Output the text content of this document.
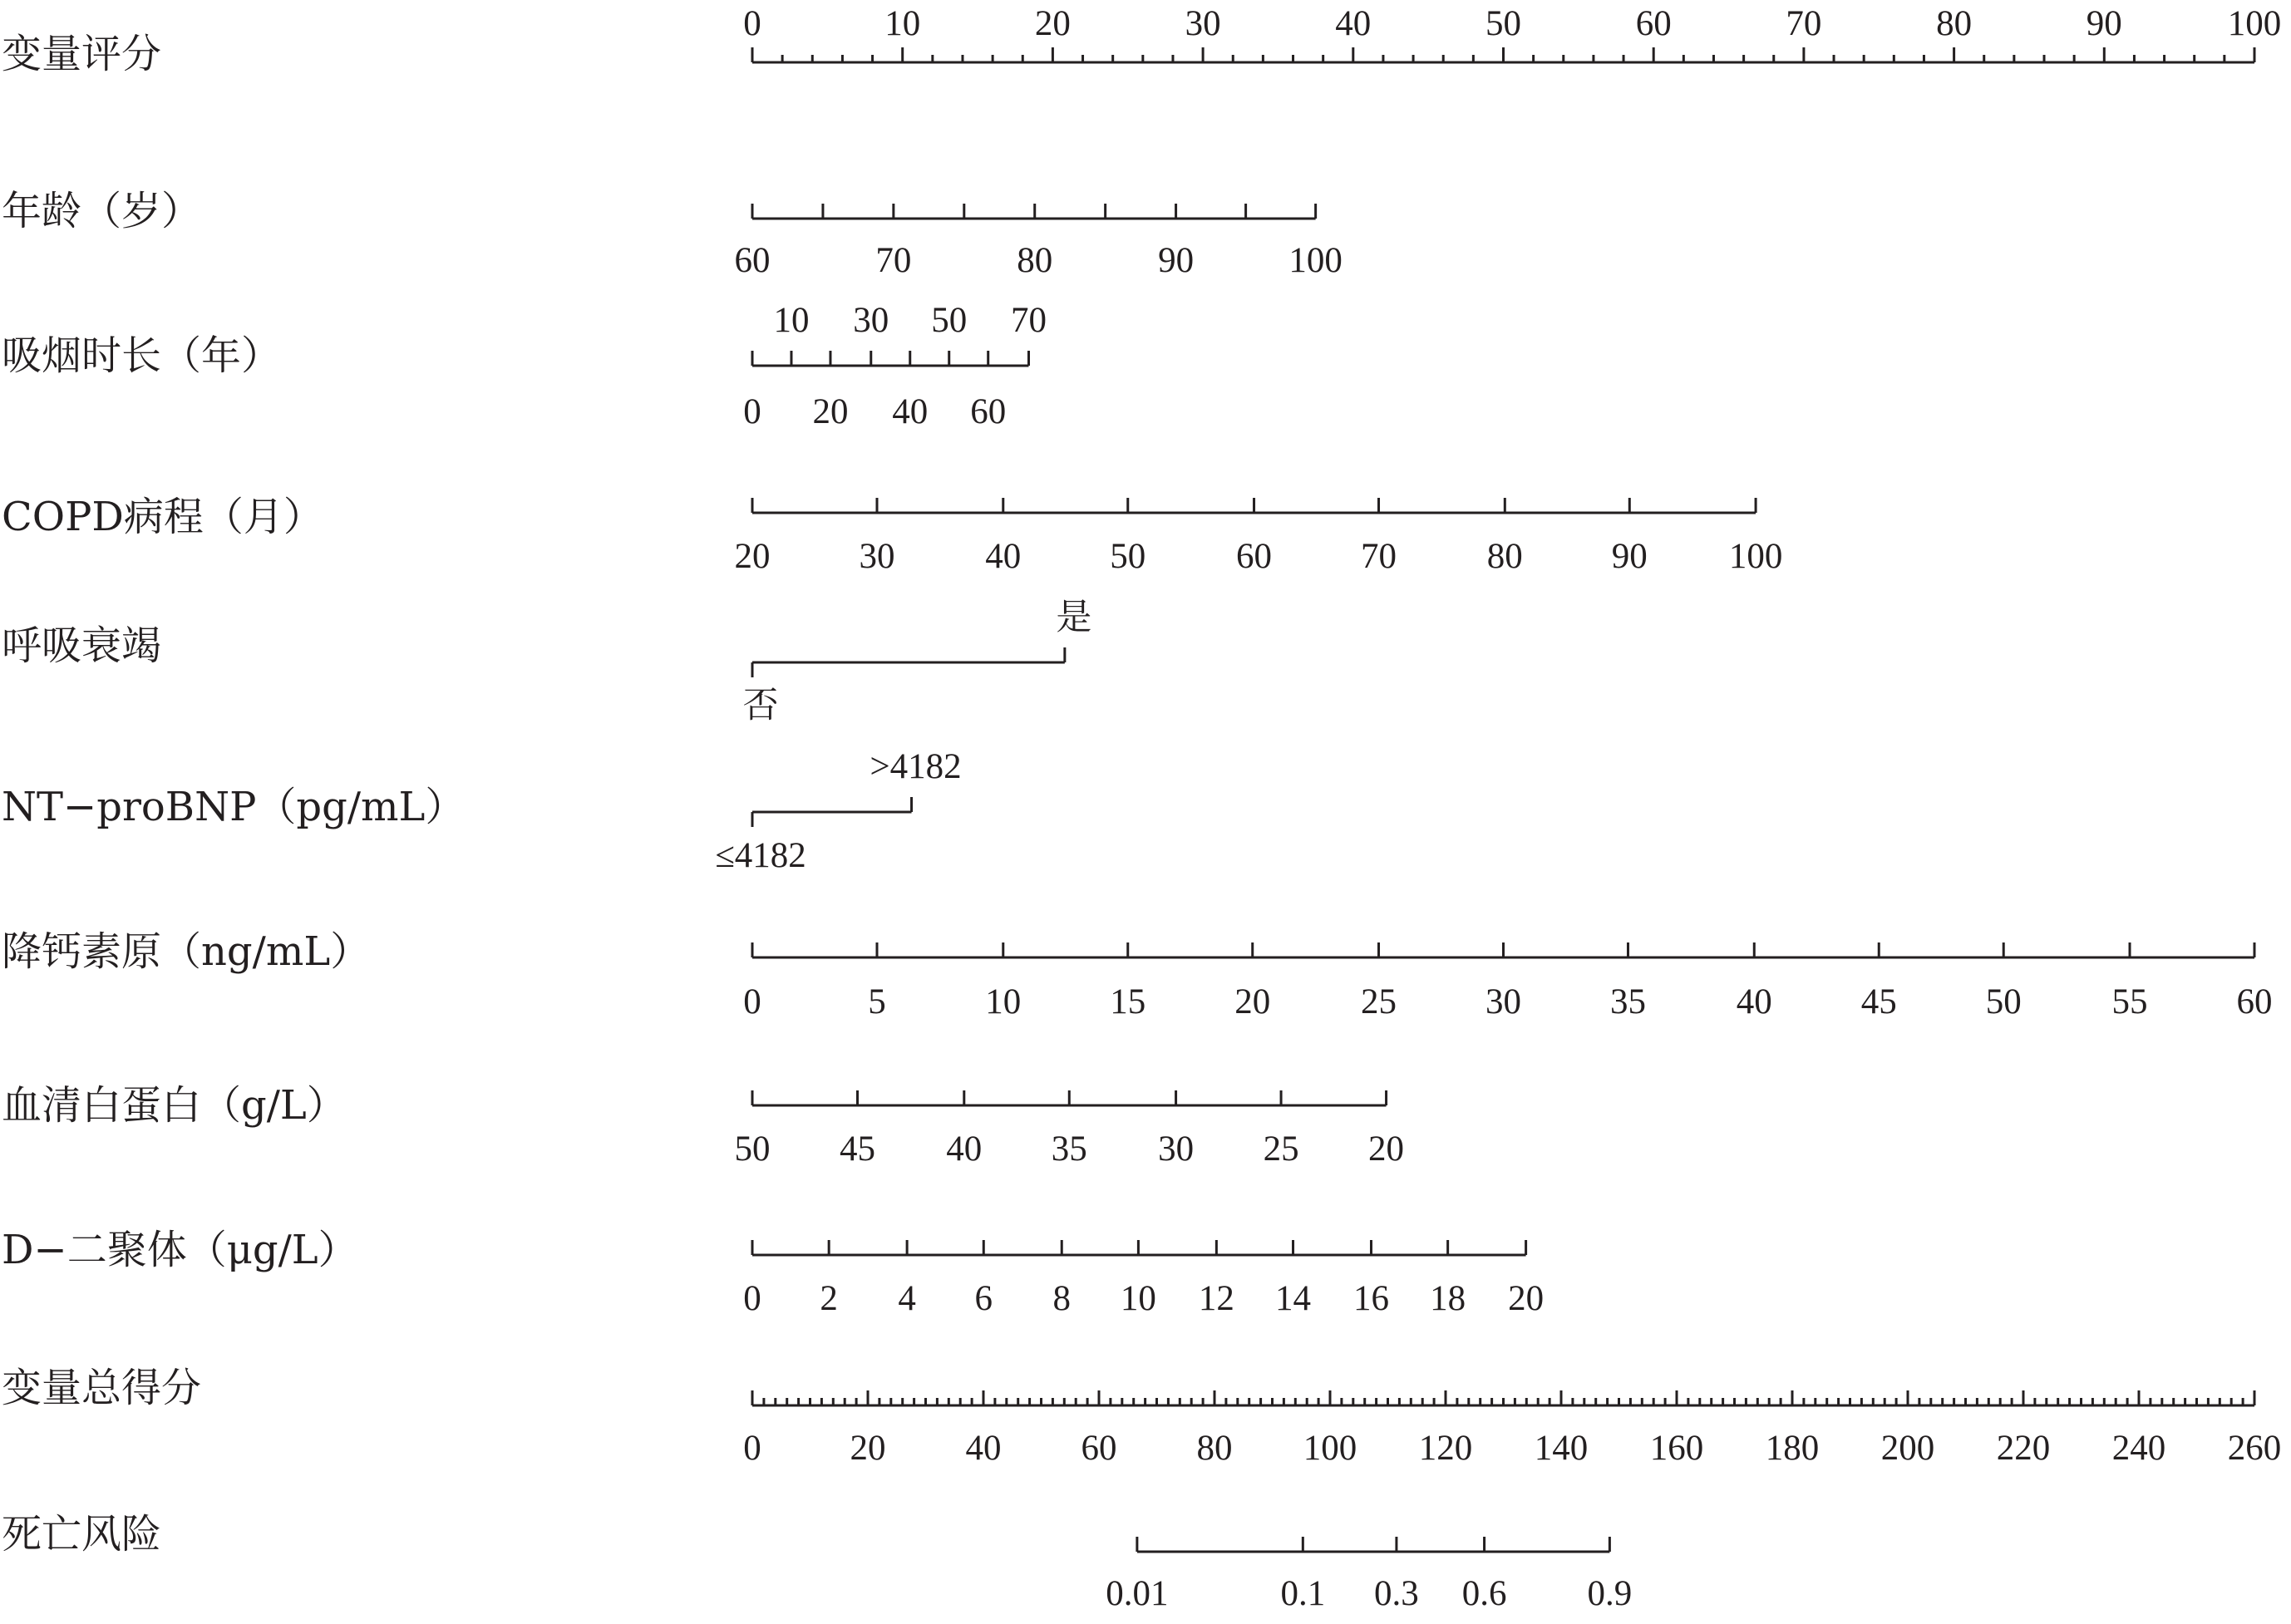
变量评分
年龄（岁）
吸烟时长（年）
COPD病程（月）
呼吸衰竭
NT−proBNP（pg/mL）
降钙素原（ng/mL）
血清白蛋白（g/L）
D−二聚体（μg/L）
变量总得分
死亡风险
0	10	20	30	40	50	60	70	80	90	100
60	70	80	90	100
0
10
20
30
40
50
60
70
20 30	40 50	60 70	80 90 100
否
是
≤4182
>4182
0	5	10 15 20	25 30 35	40 45 50	55 60
50 45 40 35 30 25 20
0 2 4 6 8 10 12 14 16 18 20
0 20 40 60 80 100 120 140 160 180 200 220 240 260
0.01	0.1 0.3 0.6 0.9
